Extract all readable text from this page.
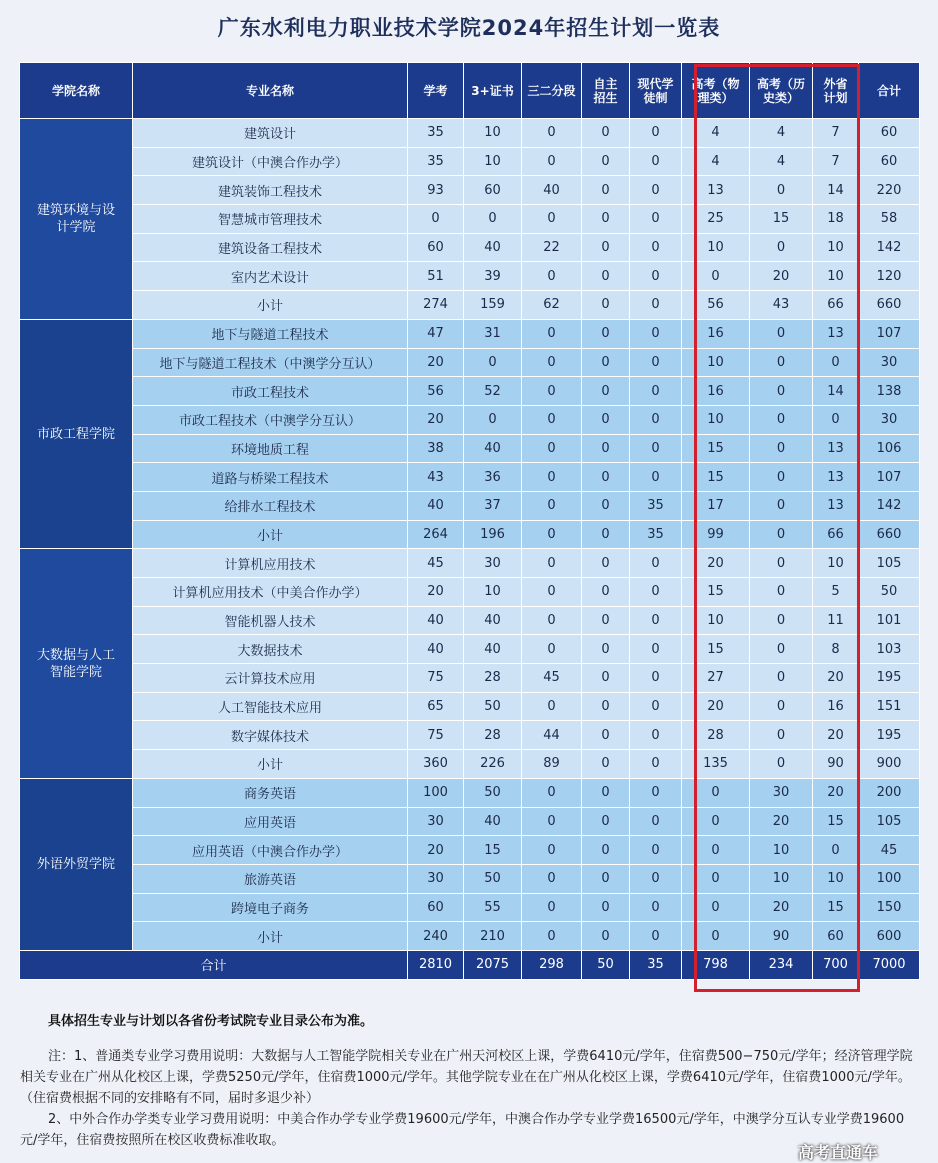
广东水利电力职业技术学院2024年招生计划一览表
学院名称	专业名称	学考	3+证书	三二分段	自主招生	现代学徒制	高考（物理类）	高考（历史类）	外省计划	合计
建筑环境与设计学院	建筑设计	35	10	0	0	0	4	4	7	60
	建筑设计（中澳合作办学）	35	10	0	0	0	4	4	7	60
	建筑装饰工程技术	93	60	40	0	0	13	0	14	220
	智慧城市管理技术	0	0	0	0	0	25	15	18	58
	建筑设备工程技术	60	40	22	0	0	10	0	10	142
	室内艺术设计	51	39	0	0	0	0	20	10	120
	小计	274	159	62	0	0	56	43	66	660
市政工程学院	地下与隧道工程技术	47	31	0	0	0	16	0	13	107
	地下与隧道工程技术（中澳学分互认）	20	0	0	0	0	10	0	0	30
	市政工程技术	56	52	0	0	0	16	0	14	138
	市政工程技术（中澳学分互认）	20	0	0	0	0	10	0	0	30
	环境地质工程	38	40	0	0	0	15	0	13	106
	道路与桥梁工程技术	43	36	0	0	0	15	0	13	107
	给排水工程技术	40	37	0	0	35	17	0	13	142
	小计	264	196	0	0	35	99	0	66	660
大数据与人工智能学院	计算机应用技术	45	30	0	0	0	20	0	10	105
	计算机应用技术（中美合作办学）	20	10	0	0	0	15	0	5	50
	智能机器人技术	40	40	0	0	0	10	0	11	101
	大数据技术	40	40	0	0	0	15	0	8	103
	云计算技术应用	75	28	45	0	0	27	0	20	195
	人工智能技术应用	65	50	0	0	0	20	0	16	151
	数字媒体技术	75	28	44	0	0	28	0	20	195
	小计	360	226	89	0	0	135	0	90	900
外语外贸学院	商务英语	100	50	0	0	0	0	30	20	200
	应用英语	30	40	0	0	0	0	20	15	105
	应用英语（中澳合作办学）	20	15	0	0	0	0	10	0	45
	旅游英语	30	50	0	0	0	0	10	10	100
	跨境电子商务	60	55	0	0	0	0	20	15	150
	小计	240	210	0	0	0	0	90	60	600
合计		2810	2075	298	50	35	798	234	700	7000
具体招生专业与计划以各省份考试院专业目录公布为准。

注：1、普通类专业学习费用说明：大数据与人工智能学院相关专业在广州天河校区上课，学费6410元/学年，住宿费500−750元/学年；经济管理学院相关专业在广州从化校区上课，学费5250元/学年，住宿费1000元/学年。其他学院专业在在广州从化校区上课，学费6410元/学年，住宿费1000元/学年。（住宿费根据不同的安排略有不同，届时多退少补）

2、中外合作办学类专业学习费用说明：中美合作办学专业学费19600元/学年，中澳合作办学专业学费16500元/学年，中澳学分互认专业学费19600元/学年，住宿费按照所在校区收费标准收取。

高考直通车
